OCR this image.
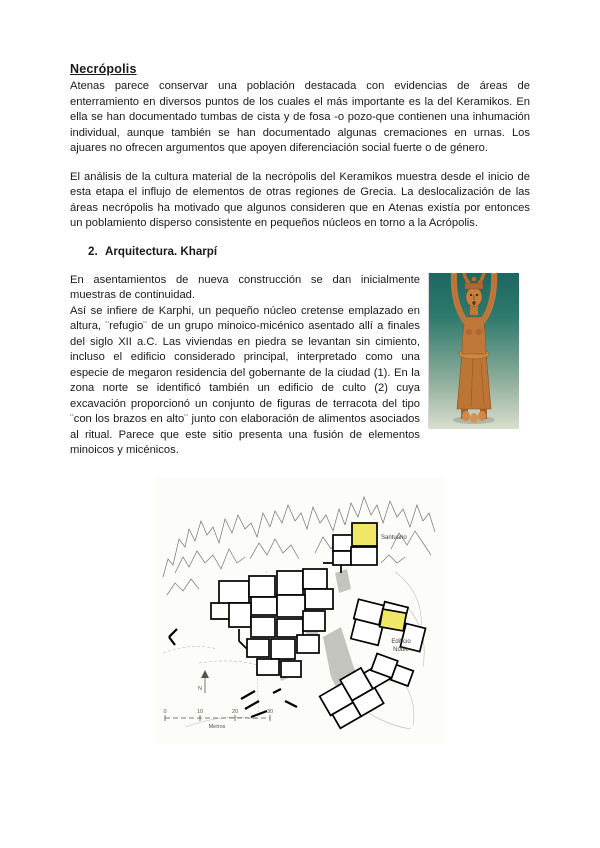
Necrópolis

Atenas parece conservar una población destacada con evidencias de áreas de enterramiento en diversos puntos de los cuales el más importante es la del Keramikos. En ella se han documentado tumbas de cista y de fosa -o pozo-que contienen una inhumación individual, aunque también se han documentado algunas cremaciones en urnas. Los ajuares no ofrecen argumentos que apoyen diferenciación social fuerte o de género.

El análisis de la cultura material de la necrópolis del Keramikos muestra desde el inicio de esta etapa el influjo de elementos de otras regiones de Grecia. La deslocalización de las áreas necrópolis ha motivado que algunos consideren que en Atenas existía por entonces un poblamiento disperso consistente en pequeños núcleos en torno a la Acrópolis.

2. Arquitectura. Kharpí

En asentamientos de nueva construcción se dan inicialmente muestras de continuidad.

Así se infiere de Karphi, un pequeño núcleo cretense emplazado en altura, ¨refugio¨ de un grupo minoico-micénico asentado allí a finales del siglo XII a.C. Las viviendas en piedra se levantan sin cimiento, incluso el edificio considerado principal, interpretado como una especie de megaron residencia del gobernante de la ciudad (1). En la zona norte se identificó también un edificio de culto (2) cuya excavación proporcionó un conjunto de figuras de terracota del tipo ¨con los brazos en alto¨ junto con elaboración de alimentos asociados al ritual. Parece que este sitio presenta una fusión de elementos minoicos y micénicos.

Santuario
Edificio
Noble
N
0	10	20	30
Metros
